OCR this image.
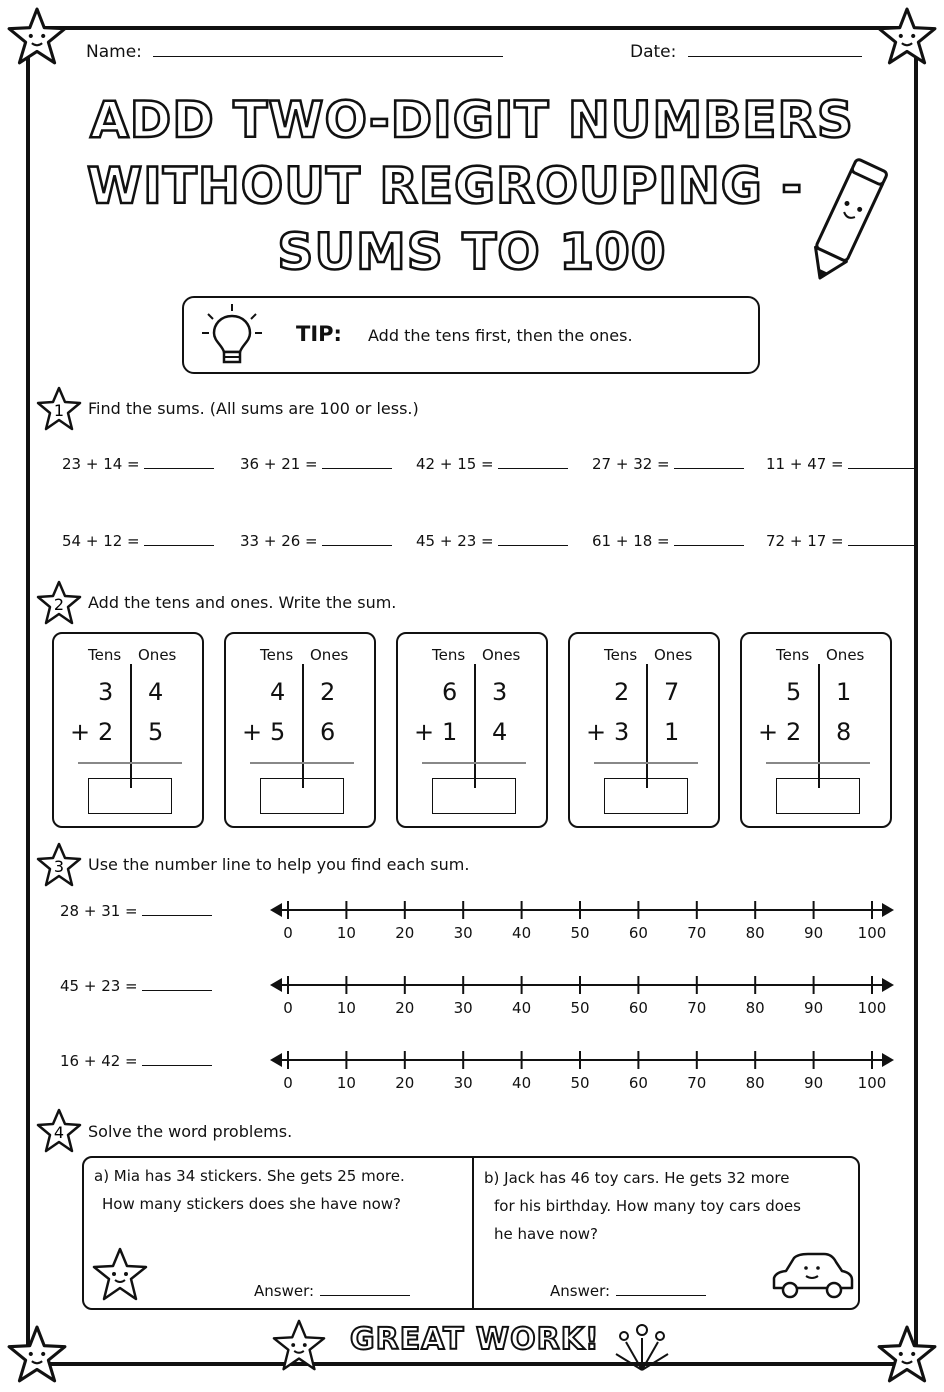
Name:	Date:
ADD TWO-DIGIT NUMBERS
WITHOUT REGROUPING -
SUMS TO 100
TIP: Add the tens first, then the ones.
1 Find the sums. (All sums are 100 or less.)
23 + 14 =	36 + 21 =	42 + 15 =	27 + 32 =	11 + 47 =
54 + 12 =	33 + 26 =	45 + 23 =	61 + 18 =	72 + 17 =
2 Add the tens and ones. Write the sum.
Tens Ones
3 4
+ 2 5
Tens Ones
4 2
+ 5 6
Tens Ones
6 3
+ 1 4
Tens Ones
2 7
+ 3 1
Tens Ones
5 1
+ 2 8
3 Use the number line to help you find each sum.
28 + 31 =
0	10	20	30	40	50	60	70	80	90 100
45 + 23 =
0	10	20	30	40	50	60	70	80	90 100
16 + 42 =
0	10	20	30	40	50	60	70	80	90 100
4 Solve the word problems.
a) Mia has 34 stickers. She gets 25 more.
How many stickers does she have now?
Answer:
b) Jack has 46 toy cars. He gets 32 more
for his birthday. How many toy cars does
he have now?
Answer:
GREAT WORK!
